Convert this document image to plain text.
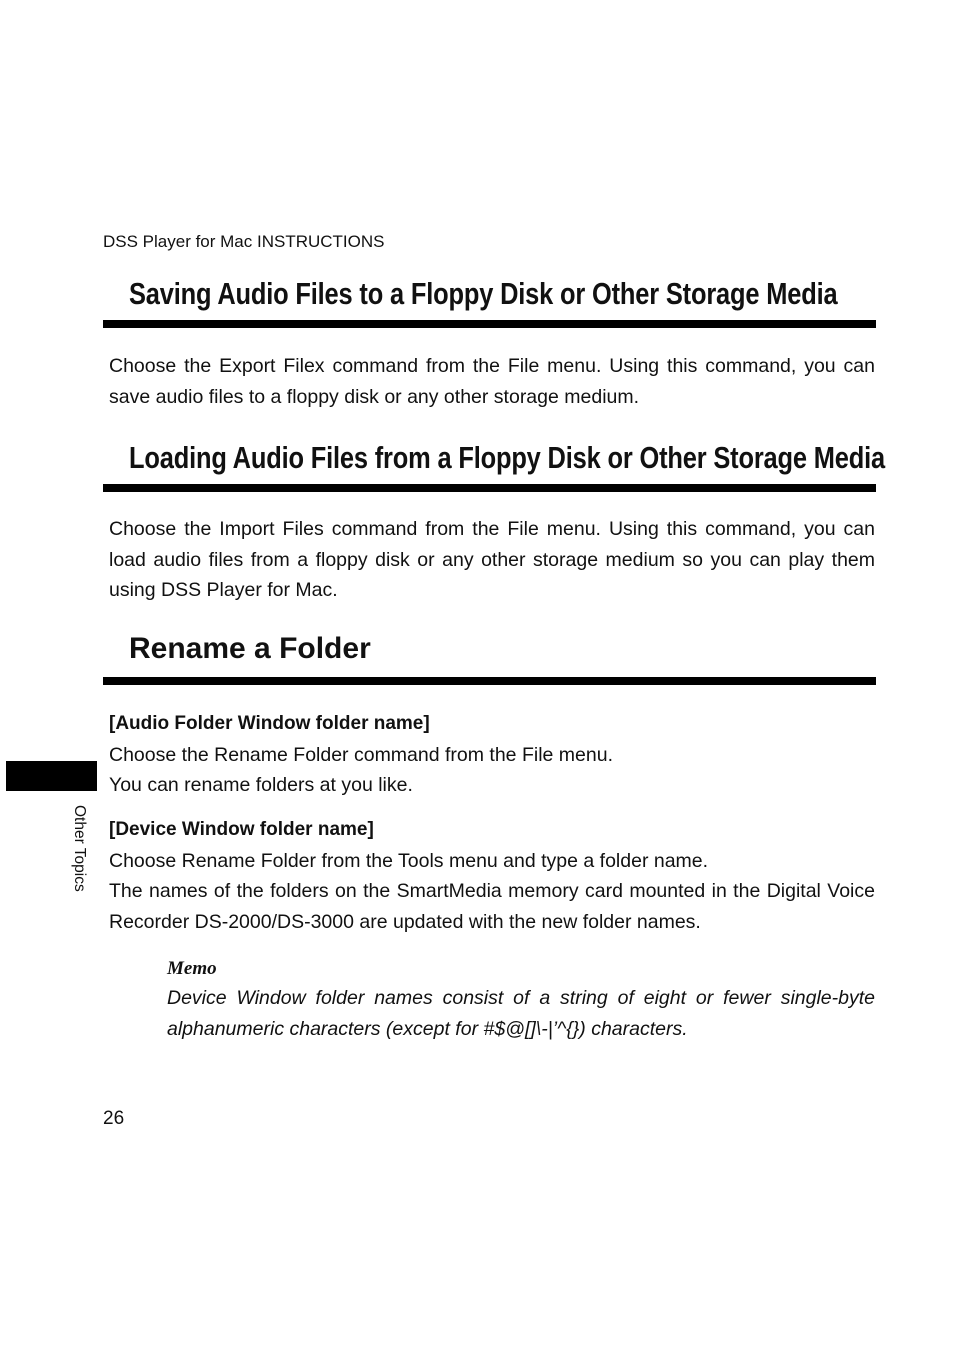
DSS Player for Mac INSTRUCTIONS
Saving Audio Files to a Floppy Disk or Other Storage Media

Choose the Export Filex command from the File menu. Using this command, you can save audio files to a floppy disk or any other storage medium.

Loading Audio Files from a Floppy Disk or Other Storage Media

Choose the Import Files command from the File menu. Using this command, you can load audio files from a floppy disk or any other storage medium so you can play them using DSS Player for Mac.

Rename a Folder

[Audio Folder Window folder name]

Choose the Rename Folder command from the File menu.

You can rename folders at you like.

[Device Window folder name]

Choose Rename Folder from the Tools menu and type a folder name.

The names of the folders on the SmartMedia memory card mounted in the Digital Voice Recorder DS-2000/DS-3000 are updated with the new folder names.

Memo
Device Window folder names consist of a string of eight or fewer single-byte alphanumeric characters (except for #$@[]\-|’^{}) characters.
Other Topics
26
